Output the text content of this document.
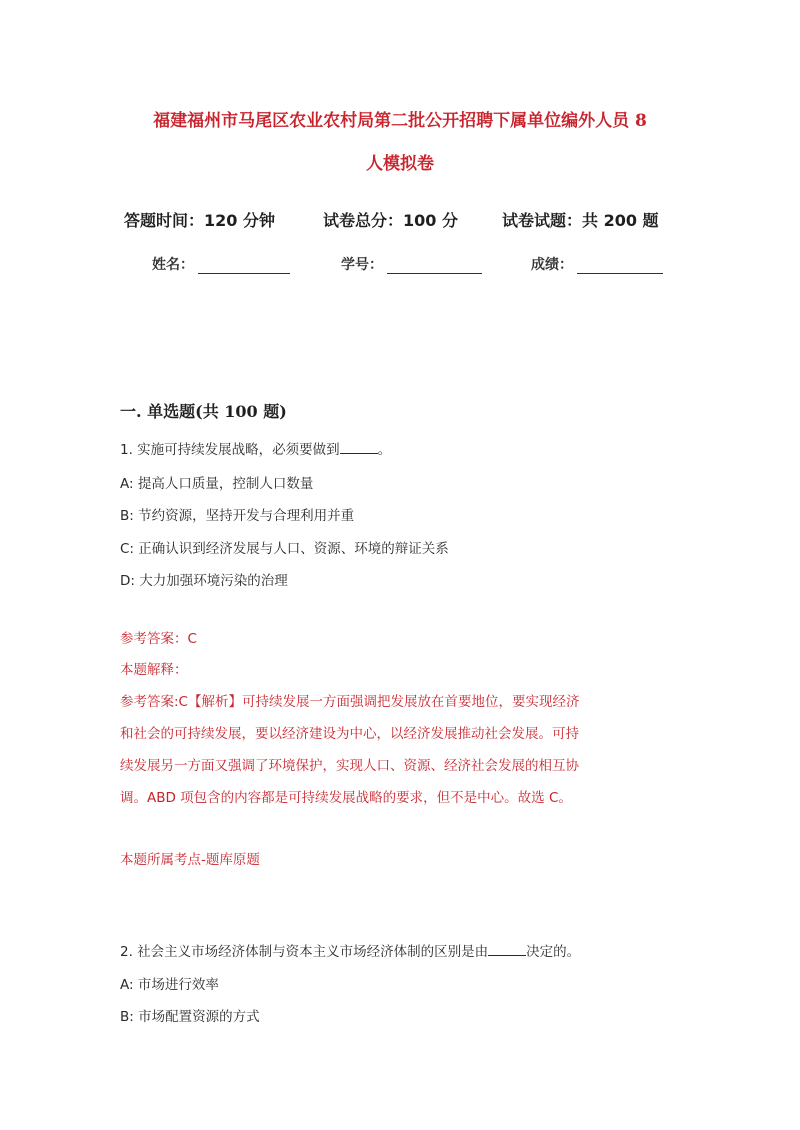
福建福州市马尾区农业农村局第二批公开招聘下属单位编外人员 8
人模拟卷
答题时间：120 分钟	试卷总分：100 分	试卷试题：共 200 题
姓名：	学号：	成绩：
一. 单选题(共 100 题)
1. 实施可持续发展战略，必须要做到	。
A: 提高人口质量，控制人口数量
B: 节约资源，坚持开发与合理利用并重
C: 正确认识到经济发展与人口、资源、环境的辩证关系
D: 大力加强环境污染的治理
参考答案：C
本题解释：
参考答案:C【解析】可持续发展一方面强调把发展放在首要地位，要实现经济
和社会的可持续发展，要以经济建设为中心，以经济发展推动社会发展。可持
续发展另一方面又强调了环境保护，实现人口、资源、经济社会发展的相互协
调。ABD 项包含的内容都是可持续发展战略的要求，但不是中心。故选 C。
本题所属考点-题库原题
2. 社会主义市场经济体制与资本主义市场经济体制的区别是由	决定的。
A: 市场进行效率
B: 市场配置资源的方式
